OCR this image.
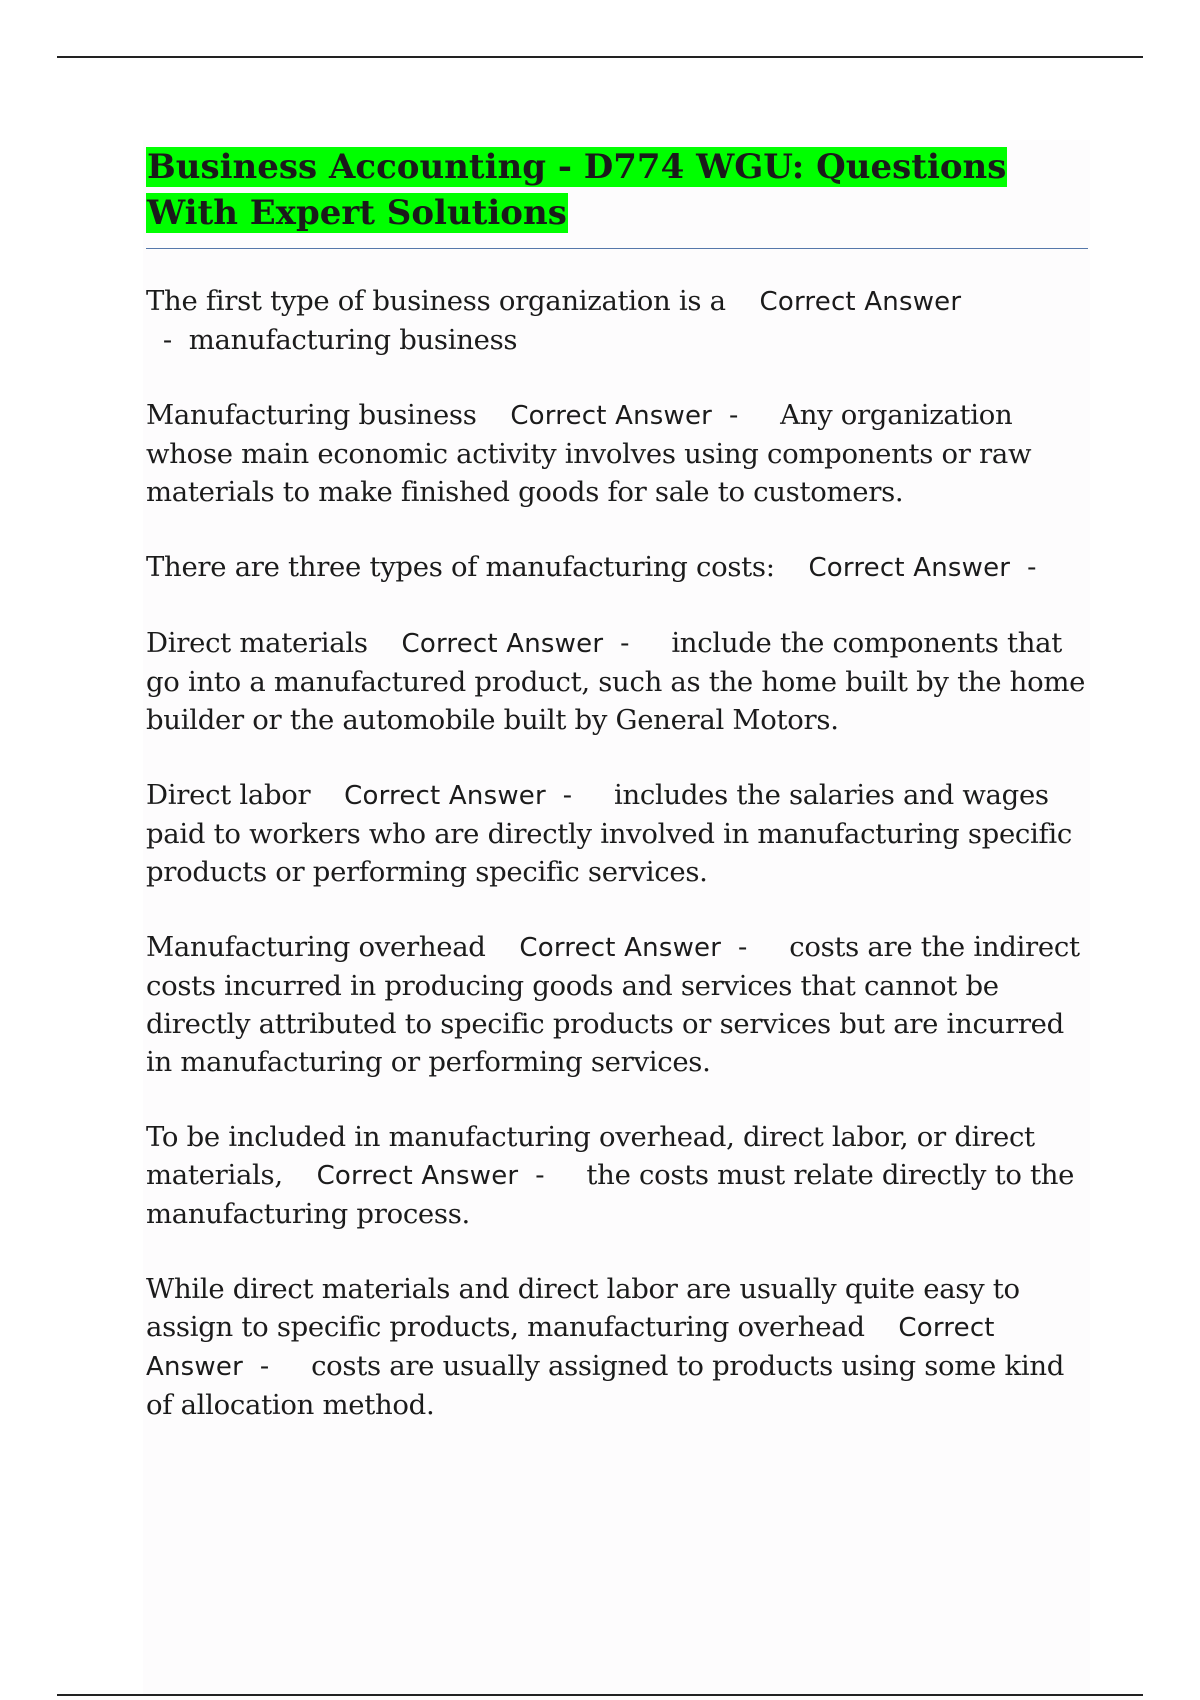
Business Accounting - D774 WGU: Questions With Expert Solutions

The first type of business organization is a Correct Answer  -  manufacturing business

Manufacturing business Correct Answer  -     Any organization whose main economic activity involves using components or raw materials to make finished goods for sale to customers.

There are three types of manufacturing costs: Correct Answer  -

Direct materials Correct Answer  -     include the components that go into a manufactured product, such as the home built by the home builder or the automobile built by General Motors.

Direct labor Correct Answer  -     includes the salaries and wages paid to workers who are directly involved in manufacturing specific products or performing specific services.

Manufacturing overhead Correct Answer  -     costs are the indirect costs incurred in producing goods and services that cannot be directly attributed to specific products or services but are incurred in manufacturing or performing services.

To be included in manufacturing overhead, direct labor, or direct materials, Correct Answer  -     the costs must relate directly to the manufacturing process.

While direct materials and direct labor are usually quite easy to assign to specific products, manufacturing overhead Correct Answer  -     costs are usually assigned to products using some kind of allocation method.
